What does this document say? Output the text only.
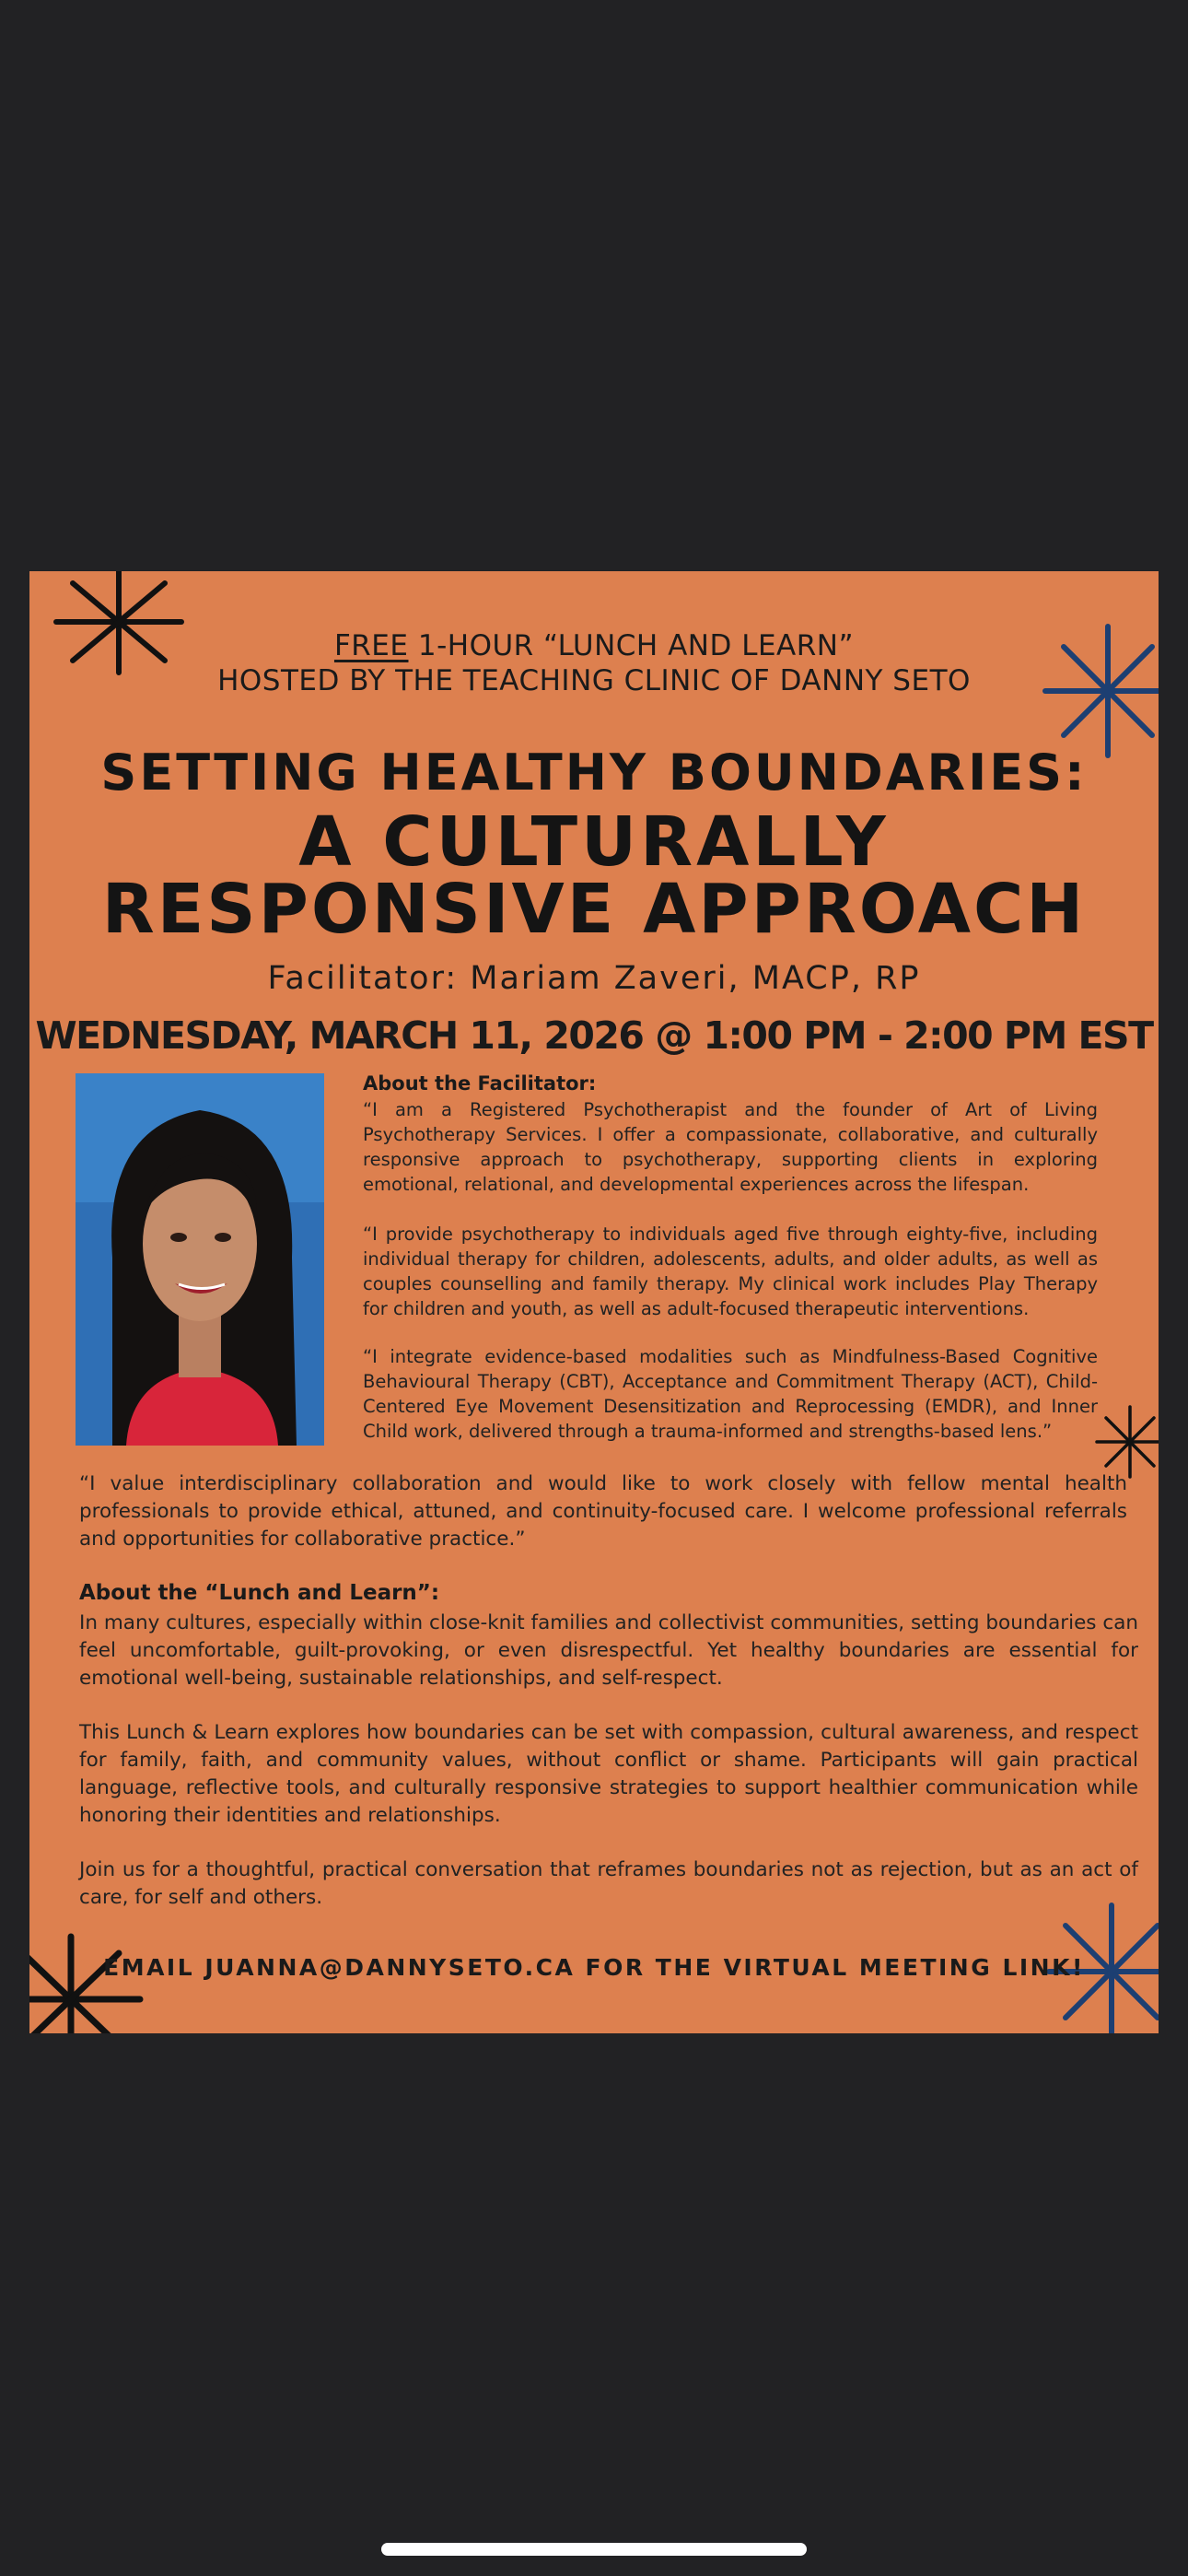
FREE 1-HOUR “LUNCH AND LEARN”
HOSTED BY THE TEACHING CLINIC OF DANNY SETO
SETTING HEALTHY BOUNDARIES:
A CULTURALLY
RESPONSIVE APPROACH
Facilitator: Mariam Zaveri, MACP, RP
WEDNESDAY, MARCH 11, 2026 @ 1:00 PM - 2:00 PM EST
About the Facilitator:
“I am a Registered Psychotherapist and the founder of Art of Living Psychotherapy Services. I offer a compassionate, collaborative, and culturally responsive approach to psychotherapy, supporting clients in exploring emotional, relational, and developmental experiences across the lifespan.
“I provide psychotherapy to individuals aged five through eighty-five, including individual therapy for children, adolescents, adults, and older adults, as well as couples counselling and family therapy. My clinical work includes Play Therapy for children and youth, as well as adult-focused therapeutic interventions.
“I integrate evidence-based modalities such as Mindfulness-Based Cognitive Behavioural Therapy (CBT), Acceptance and Commitment Therapy (ACT), Child-Centered Eye Movement Desensitization and Reprocessing (EMDR), and Inner Child work, delivered through a trauma-informed and strengths-based lens.”
“I value interdisciplinary collaboration and would like to work closely with fellow mental health professionals to provide ethical, attuned, and continuity-focused care. I welcome professional referrals and opportunities for collaborative practice.”
About the “Lunch and Learn”:
In many cultures, especially within close-knit families and collectivist communities, setting boundaries can feel uncomfortable, guilt-provoking, or even disrespectful. Yet healthy boundaries are essential for emotional well-being, sustainable relationships, and self-respect.
This Lunch & Learn explores how boundaries can be set with compassion, cultural awareness, and respect for family, faith, and community values, without conflict or shame. Participants will gain practical language, reflective tools, and culturally responsive strategies to support healthier communication while honoring their identities and relationships.
Join us for a thoughtful, practical conversation that reframes boundaries not as rejection, but as an act of care, for self and others.
EMAIL JUANNA@DANNYSETO.CA FOR THE VIRTUAL MEETING LINK!
